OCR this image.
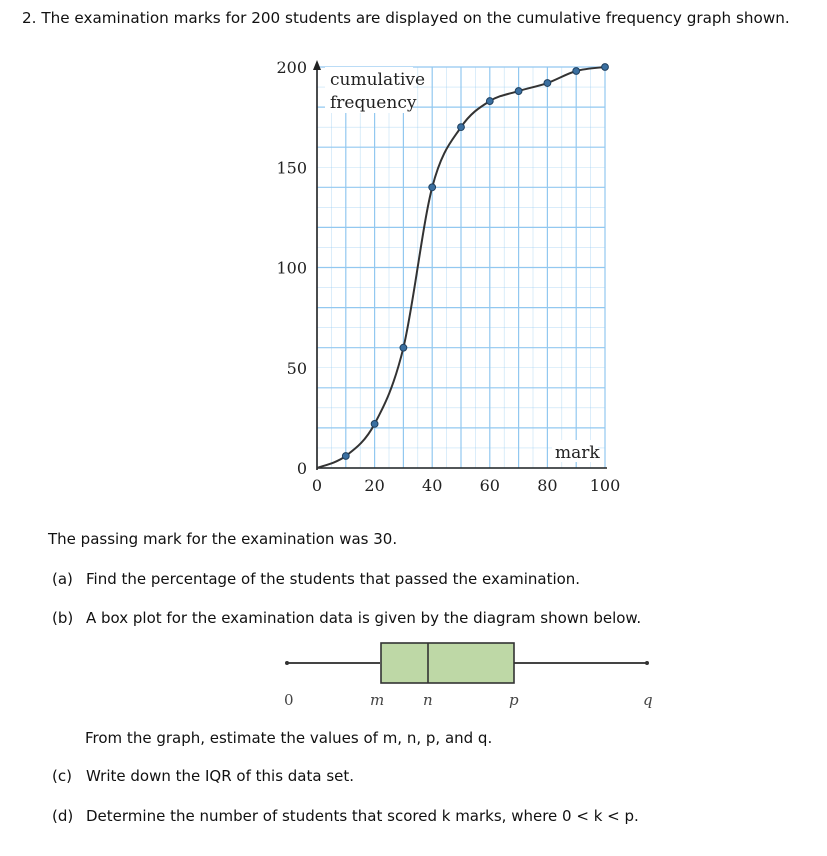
2. The examination marks for 200 students are displayed on the cumulative frequency graph shown.
0	20 40 60 80 100
0
50
100
150
200
cumulative
frequency
mark
The passing mark for the examination was 30.
(a) Find the percentage of the students that passed the examination.
(b) A box plot for the examination data is given by the diagram shown below.
0	m	n	p	q
From the graph, estimate the values of m, n, p, and q.
(c) Write down the IQR of this data set.
(d) Determine the number of students that scored k marks, where 0 < k < p.
